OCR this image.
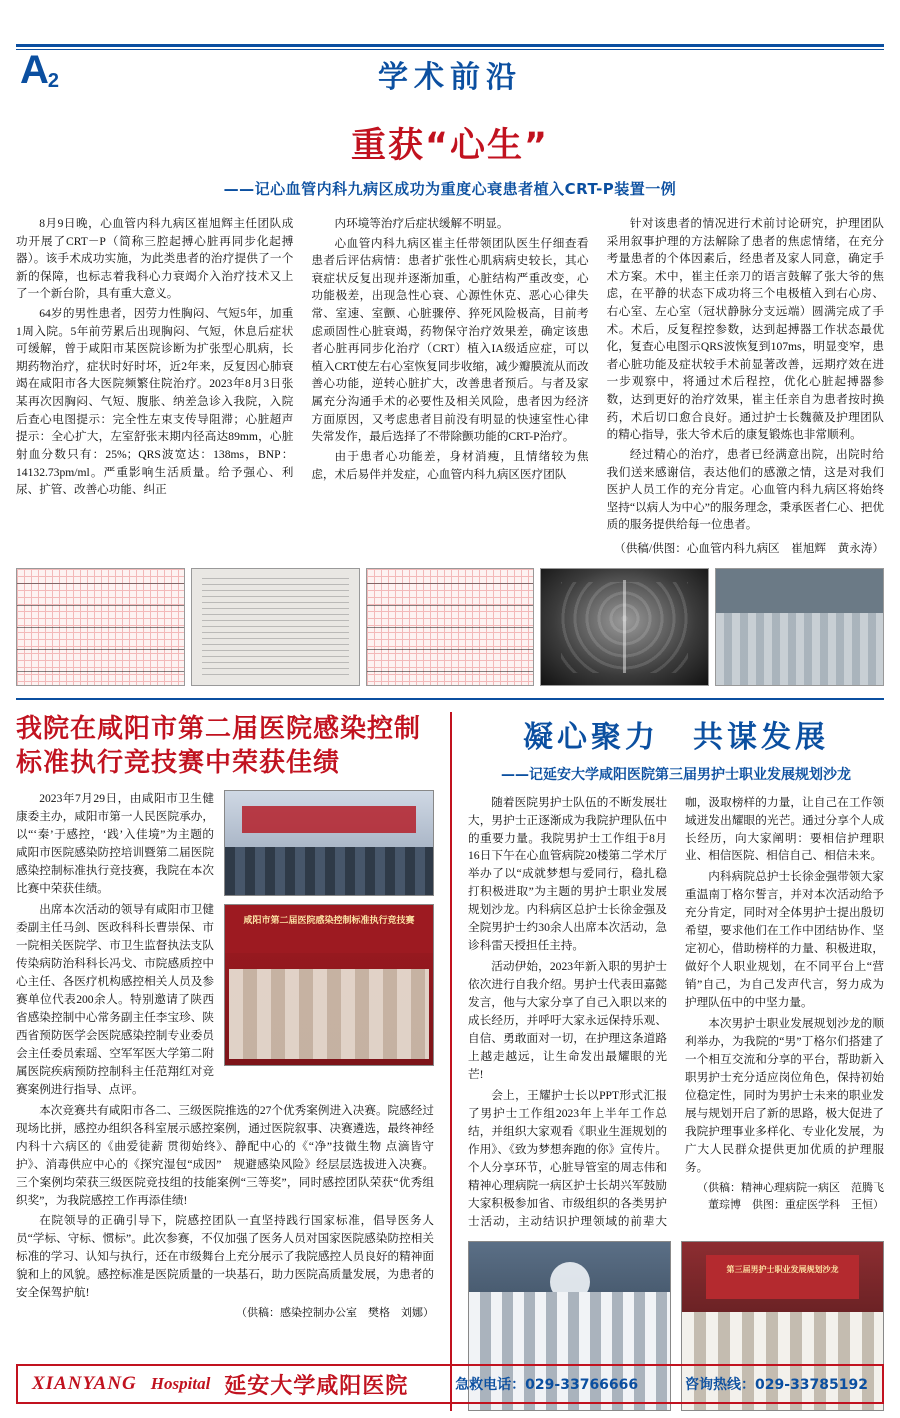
$A_2$	学术前沿
重获“心生”
——记心血管内科九病区成功为重度心衰患者植入CRT-P装置一例

8月9日晚，心血管内科九病区崔旭辉主任团队成功开展了CRT－P（简称三腔起搏心脏再同步化起搏器）。该手术成功实施，为此类患者的治疗提供了一个新的保障，也标志着我科心力衰竭介入治疗技术又上了一个新台阶，具有重大意义。

64岁的男性患者，因劳力性胸闷、气短5年，加重1周入院。5年前劳累后出现胸闷、气短，休息后症状可缓解，曾于咸阳市某医院诊断为扩张型心肌病，长期药物治疗，症状时好时坏，近2年来，反复因心肺衰竭在咸阳市各大医院频繁住院治疗。2023年8月3日张某再次因胸闷、气短、腹胀、纳差急诊入我院，入院后查心电图提示：完全性左束支传导阻滞；心脏超声提示：全心扩大，左室舒张末期内径高达89mm，心脏射血分数只有：25%；QRS波宽达：138ms，BNP：14132.73pm/ml。严重影响生活质量。给予强心、利尿、扩管、改善心功能、纠正

内环境等治疗后症状缓解不明显。

心血管内科九病区崔主任带领团队医生仔细查看患者后评估病情：患者扩张性心肌病病史较长，其心衰症状反复出现并逐渐加重，心脏结构严重改变，心功能极差，出现急性心衰、心源性休克、恶心心律失常、室速、室颤、心脏骤停、猝死风险极高，目前考虑顽固性心脏衰竭，药物保守治疗效果差，确定该患者心脏再同步化治疗（CRT）植入IA级适应症，可以植入CRT使左右心室恢复同步收缩，减少瓣膜流从而改善心功能，逆转心脏扩大，改善患者预后。与者及家属充分沟通手术的必要性及相关风险，患者因为经济方面原因，又考虑患者目前没有明显的快速室性心律失常发作，最后选择了不带除颤功能的CRT-P治疗。

由于患者心功能差，身材消瘦，且情绪较为焦虑，术后易伴并发症，心血管内科九病区医疗团队

针对该患者的情况进行术前讨论研究，护理团队采用叙事护理的方法解除了患者的焦虑情绪，在充分考量患者的个体因素后，经患者及家人同意，确定手术方案。术中，崔主任亲刀的语言鼓解了张大爷的焦虑，在平静的状态下成功将三个电极植入到右心房、右心室、左心室（冠状静脉分支远端）圆满完成了手术。术后，反复程控参数，达到起搏器工作状态最优化，复查心电图示QRS波恢复到107ms，明显变窄，患者心脏功能及症状较手术前显著改善，远期疗效在进一步观察中，将通过术后程控，优化心脏起搏器参数，达到更好的治疗效果，崔主任亲自为患者按时换药，术后切口愈合良好。通过护士长魏薇及护理团队的精心指导，张大爷术后的康复锻炼也非常顺利。

经过精心的治疗，患者已经满意出院，出院时给我们送来感谢信，表达他们的感激之情，这是对我们医护人员工作的充分肯定。心血管内科九病区将始终坚持“以病人为中心”的服务理念，秉承医者仁心、把优质的服务提供给每一位患者。

（供稿/供图：心血管内科九病区　崔旭辉　黄永涛）

我院在咸阳市第二届医院感染控制标准执行竞技赛中荣获佳绩
咸阳市第二届医院感染控制标准执行竞技赛

2023年7月29日，由咸阳市卫生健康委主办，咸阳市第一人民医院承办，以“‘秦’于感控，‘践’入佳境”为主题的咸阳市医院感染防控培训暨第二届医院感染控制标准执行竞技赛，我院在本次比赛中荣获佳绩。

出席本次活动的领导有咸阳市卫健委副主任马剑、医政科科长曹崇保、市一院相关医院学、市卫生监督执法支队传染病防治科科长冯戈、市院感质控中心主任、各医疗机构感控相关人员及参赛单位代表200余人。特别邀请了陕西省感染控制中心常务副主任李宝珍、陕西省预防医学会医院感染控制专业委员会主任委员索瑶、空军军医大学第二附属医院疾病预防控制科主任范翔红对竞赛案例进行指导、点评。

本次竞赛共有咸阳市各二、三级医院推选的27个优秀案例进入决赛。院感经过现场比拼，感控办组织各科室展示感控案例，通过医院叙事、决赛遴选，最终神经内科十六病区的《曲爱徒薪 贯彻始终》、静配中心的《“净”技微生物 点滴皆守护》、消毒供应中心的《探究湿包“成因”　规避感染风险》经层层选拔进入决赛。三个案例均荣获三级医院竞技组的技能案例“三等奖”，同时感控团队荣获“优秀组织奖”，为我院感控工作再添佳绩!

在院领导的正确引导下，院感控团队一直坚持践行国家标准，倡导医务人员“学标、守标、惯标”。此次参赛，不仅加强了医务人员对国家医院感染防控相关标准的学习、认知与执行，还在市级舞台上充分展示了我院感控人员良好的精神面貌和上的风貌。感控标准是医院质量的一块基石，助力医院高质量发展，为患者的安全保驾护航!

（供稿：感染控制办公室　樊格　刘娜）

凝心聚力　共谋发展
——记延安大学咸阳医院第三届男护士职业发展规划沙龙

随着医院男护士队伍的不断发展壮大，男护士正逐渐成为我院护理队伍中的重要力量。我院男护士工作组于8月16日下午在心血管病院20楼第二学术厅举办了以“成就梦想与爱同行，稳扎稳打积极进取”为主题的男护士职业发展规划沙龙。内科病区总护士长徐金强及全院男护士约30余人出席本次活动，急诊科雷天授担任主持。

活动伊始，2023年新入职的男护士依次进行自我介绍。男护士代表田嘉懿发言，他与大家分享了自己入职以来的成长经历，并呼吁大家永远保持乐观、自信、勇敢面对一切，在护理这条道路上越走越远，让生命发出最耀眼的光芒!

会上，王耀护士长以PPT形式汇报了男护士工作组2023年上半年工作总结，并组织大家观看《职业生涯规划的作用》、《致为梦想奔跑的你》宣传片。个人分享环节，心脏导管室的周志伟和精神心理病院一病区护士长胡兴军鼓励大家积极参加省、市级组织的各类男护士活动，主动结识护理领域的前辈大咖，汲取榜样的力量，让自己在工作领域迸发出耀眼的光芒。通过分享个人成长经历，向大家阐明：要相信护理职业、相信医院、相信自己、相信未来。

内科病院总护士长徐金强带领大家重温南丁格尔誓言，并对本次活动给予充分肯定，同时对全体男护士提出殷切希望，要求他们在工作中团结协作、坚定初心，借助榜样的力量、积极进取，做好个人职业规划，在不同平台上“营销”自己，为自己发声代言，努力成为护理队伍中的中坚力量。

本次男护士职业发展规划沙龙的顺利举办，为我院的“男”丁格尔们搭建了一个相互交流和分享的平台，帮助新入职男护士充分适应岗位角色，保持初始位稳定性，同时为男护士未来的职业发展与规划开启了新的思路，极大促进了我院护理事业多样化、专业化发展，为广大人民群众提供更加优质的护理服务。

（供稿：精神心理病院一病区　范腾飞　董琮博　供图：重症医学科　王恒）

第三届男护士职业发展规划沙龙
XIANYANG Hospital 延安大学咸阳医院	急救电话：029-33766666	咨询热线：029-33785192
